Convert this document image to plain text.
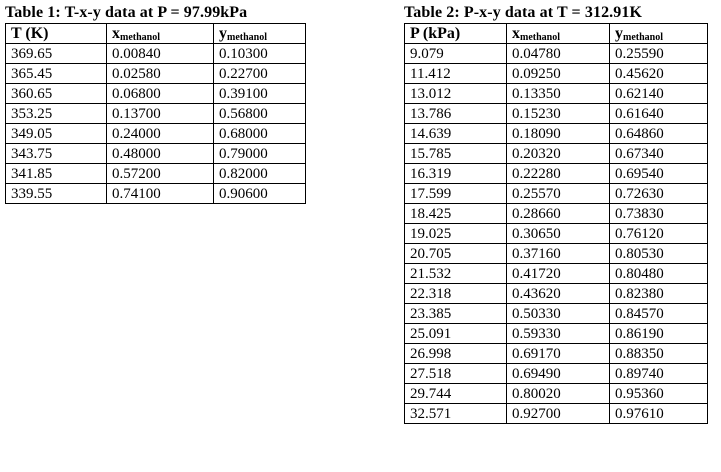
Table 1: T-x-y data at P = 97.99kPa
T (K)	$x_{methanol}$	$y_{methanol}$
369.65	0.00840	0.10300
365.45	0.02580	0.22700
360.65	0.06800	0.39100
353.25	0.13700	0.56800
349.05	0.24000	0.68000
343.75	0.48000	0.79000
341.85	0.57200	0.82000
339.55	0.74100	0.90600
Table 2: P-x-y data at T = 312.91K
P (kPa)	$x_{methanol}$	$y_{methanol}$
9.079	0.04780	0.25590
11.412	0.09250	0.45620
13.012	0.13350	0.62140
13.786	0.15230	0.61640
14.639	0.18090	0.64860
15.785	0.20320	0.67340
16.319	0.22280	0.69540
17.599	0.25570	0.72630
18.425	0.28660	0.73830
19.025	0.30650	0.76120
20.705	0.37160	0.80530
21.532	0.41720	0.80480
22.318	0.43620	0.82380
23.385	0.50330	0.84570
25.091	0.59330	0.86190
26.998	0.69170	0.88350
27.518	0.69490	0.89740
29.744	0.80020	0.95360
32.571	0.92700	0.97610
